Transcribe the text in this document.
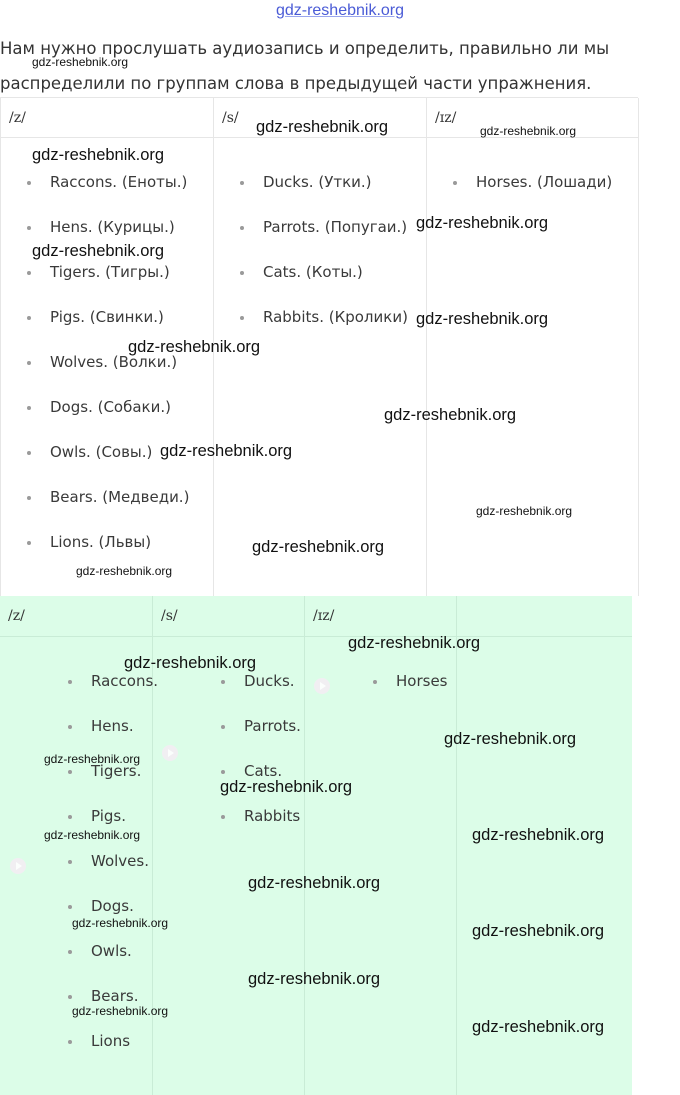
gdz-reshebnik.org
Нам нужно прослушать аудиозапись и определить, правильно ли мы распределили по группам слова в предыдущей части упражнения.
/z/
Raccons. (Еноты.)
Hens. (Курицы.)
Tigers. (Тигры.)
Pigs. (Свинки.)
Wolves. (Волки.)
Dogs. (Собаки.)
Owls. (Совы.)
Bears. (Медведи.)
Lions. (Львы)
/s/
Ducks. (Утки.)
Parrots. (Попугаи.)
Cats. (Коты.)
Rabbits. (Кролики)
/ɪz/
Horses. (Лошади)
/z/
Raccons.
Hens.
Tigers.
Pigs.
Wolves.
Dogs.
Owls.
Bears.
Lions
/s/
Ducks.
Parrots.
Cats.
Rabbits
/ɪz/
Horses
gdz-reshebnik.org
gdz-reshebnik.org	gdz-reshebnik.org
gdz-reshebnik.org
gdz-reshebnik.org
gdz-reshebnik.org
gdz-reshebnik.org
gdz-reshebnik.org
gdz-reshebnik.org
gdz-reshebnik.org
gdz-reshebnik.org
gdz-reshebnik.org
gdz-reshebnik.org
gdz-reshebnik.org
gdz-reshebnik.org
gdz-reshebnik.org
gdz-reshebnik.org
gdz-reshebnik.org
gdz-reshebnik.org
gdz-reshebnik.org
gdz-reshebnik.org
gdz-reshebnik.org	gdz-reshebnik.org
gdz-reshebnik.org
gdz-reshebnik.org
gdz-reshebnik.org
